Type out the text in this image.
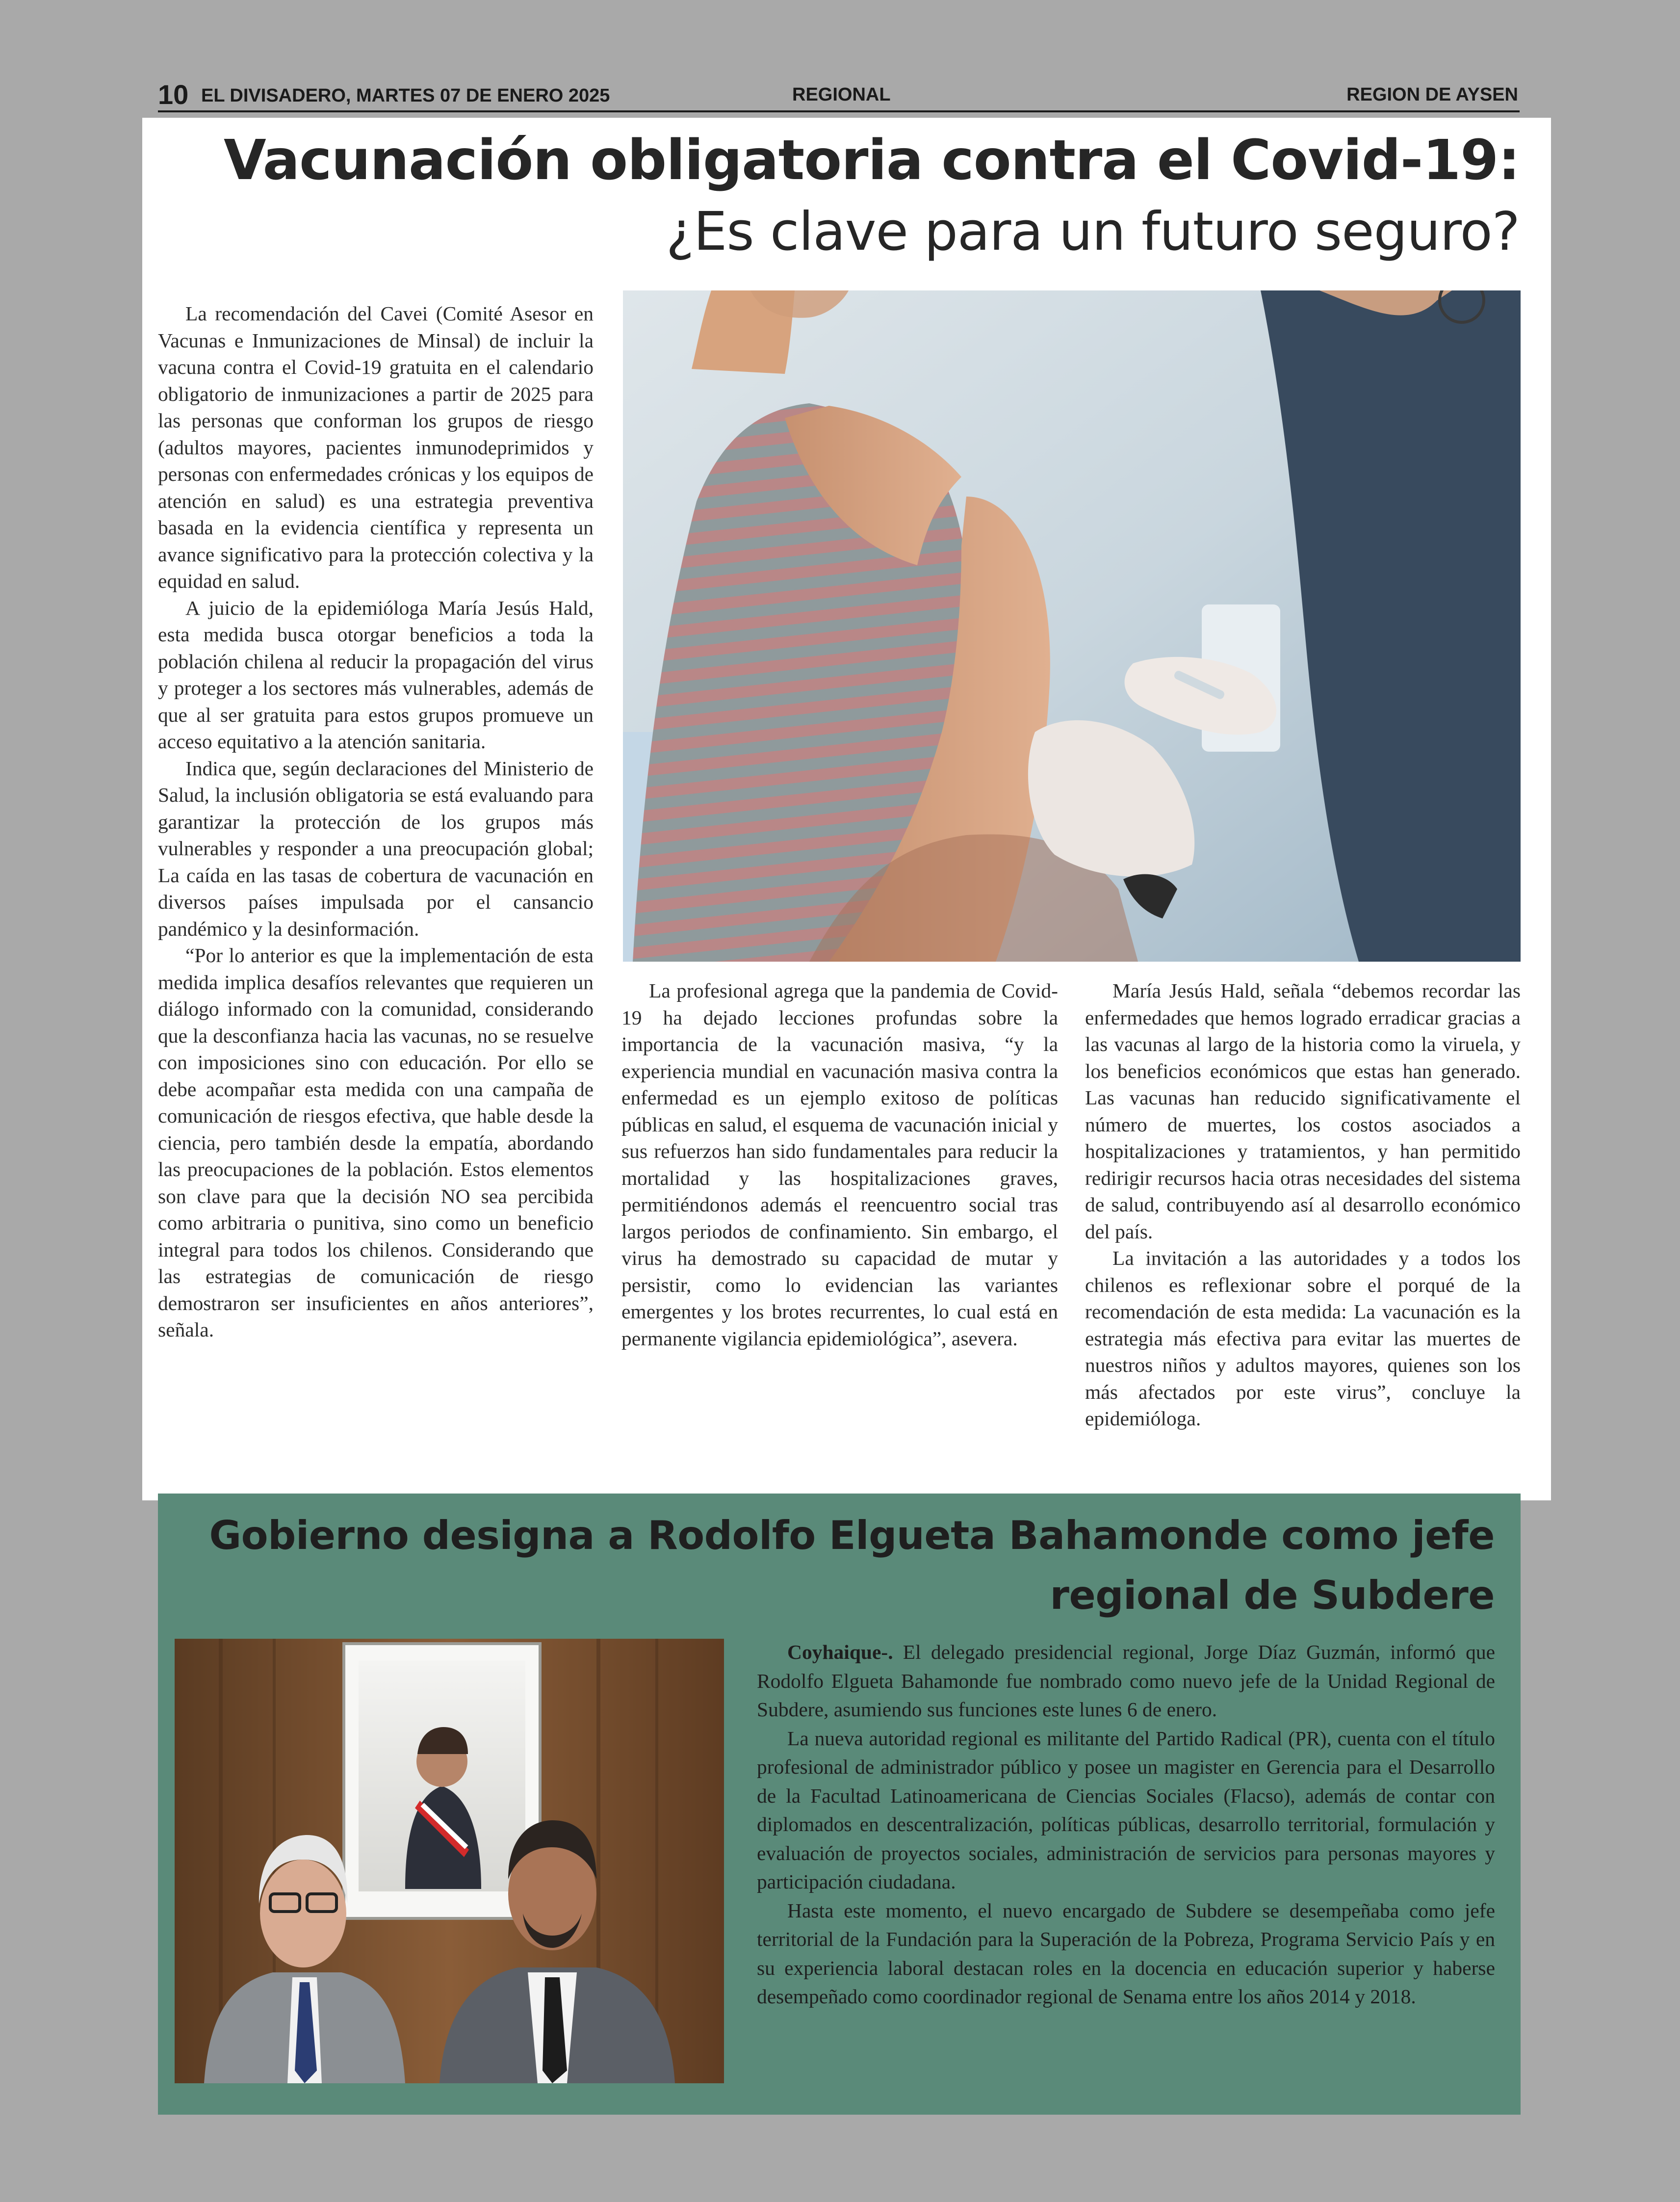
10 EL DIVISADERO, MARTES 07 DE ENERO 2025	REGIONAL	REGION DE AYSEN
Vacunación obligatoria contra el Covid-19:
¿Es clave para un futuro seguro?

La recomendación del Cavei (Comité Asesor en Vacunas e Inmunizaciones de Minsal) de incluir la vacuna contra el Covid-19 gratuita en el calendario obligatorio de inmunizaciones a partir de 2025 para las personas que conforman los grupos de riesgo (adultos mayores, pacientes inmunodeprimidos y personas con enfermedades crónicas y los equipos de atención en salud) es una estrategia preventiva basada en la evidencia científica y representa un avance significativo para la protección colectiva y la equidad en salud.

A juicio de la epidemióloga María Jesús Hald, esta medida busca otorgar beneficios a toda la población chilena al reducir la propagación del virus y proteger a los sectores más vulnerables, además de que al ser gratuita para estos grupos promueve un acceso equitativo a la atención sanitaria.

Indica que, según declaraciones del Ministerio de Salud, la inclusión obligatoria se está evaluando para garantizar la protección de los grupos más vulnerables y responder a una preocupación global; La caída en las tasas de cobertura de vacunación en diversos países impulsada por el cansancio pandémico y la desinformación.

“Por lo anterior es que la implementación de esta medida implica desafíos relevantes que requieren un diálogo informado con la comunidad, considerando que la desconfianza hacia las vacunas, no se resuelve con imposiciones sino con educación. Por ello se debe acompañar esta medida con una campaña de comunicación de riesgos efectiva, que hable desde la ciencia, pero también desde la empatía, abordando las preocupaciones de la población. Estos elementos son clave para que la decisión NO sea percibida como arbitraria o punitiva, sino como un beneficio integral para todos los chilenos. Considerando que las estrategias de comunicación de riesgo demostraron ser insuficientes en años anteriores”, señala.

La profesional agrega que la pandemia de Covid-19 ha dejado lecciones profundas sobre la importancia de la vacunación masiva, “y la experiencia mundial en vacunación masiva contra la enfermedad es un ejemplo exitoso de políticas públicas en salud, el esquema de vacunación inicial y sus refuerzos han sido fundamentales para reducir la mortalidad y las hospitalizaciones graves, permitiéndonos además el reencuentro social tras largos periodos de confinamiento. Sin embargo, el virus ha demostrado su capacidad de mutar y persistir, como lo evidencian las variantes emergentes y los brotes recurrentes, lo cual está en permanente vigilancia epidemiológica”, asevera.

María Jesús Hald, señala “debemos recordar las enfermedades que hemos logrado erradicar gracias a las vacunas al largo de la historia como la viruela, y los beneficios económicos que estas han generado. Las vacunas han reducido significativamente el número de muertes, los costos asociados a hospitalizaciones y tratamientos, y han permitido redirigir recursos hacia otras necesidades del sistema de salud, contribuyendo así al desarrollo económico del país.

La invitación a las autoridades y a todos los chilenos es reflexionar sobre el porqué de la recomendación de esta medida: La vacunación es la estrategia más efectiva para evitar las muertes de nuestros niños y adultos mayores, quienes son los más afectados por este virus”, concluye la epidemióloga.

Gobierno designa a Rodolfo Elgueta Bahamonde como jefe
regional de Subdere

Coyhaique-. El delegado presidencial regional, Jorge Díaz Guzmán, informó que Rodolfo Elgueta Bahamonde fue nombrado como nuevo jefe de la Unidad Regional de Subdere, asumiendo sus funciones este lunes 6 de enero.

La nueva autoridad regional es militante del Partido Radical (PR), cuenta con el título profesional de administrador público y posee un magister en Gerencia para el Desarrollo de la Facultad Latinoamericana de Ciencias Sociales (Flacso), además de contar con diplomados en descentralización, políticas públicas, desarrollo territorial, formulación y evaluación de proyectos sociales, administración de servicios para personas mayores y participación ciudadana.

Hasta este momento, el nuevo encargado de Subdere se desempeñaba como jefe territorial de la Fundación para la Superación de la Pobreza, Programa Servicio País y en su experiencia laboral destacan roles en la docencia en educación superior y haberse desempeñado como coordinador regional de Senama entre los años 2014 y 2018.
